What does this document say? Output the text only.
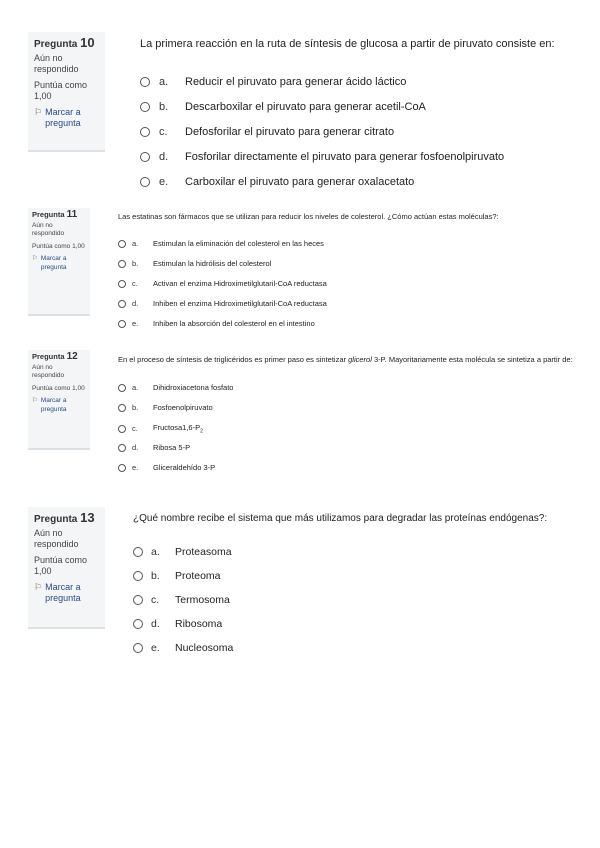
Pregunta 10
Aún no respondido
Puntúa como 1,00
⚐ Marcar a pregunta
La primera reacción en la ruta de síntesis de glucosa a partir de piruvato consiste en:
a.	Reducir el piruvato para generar ácido láctico
b.	Descarboxilar el piruvato para generar acetil-CoA
c.	Defosforilar el piruvato para generar citrato
d.	Fosforilar directamente el piruvato para generar fosfoenolpiruvato
e.	Carboxilar el piruvato para generar oxalacetato
Pregunta 11
Aún no respondido
Puntúa como 1,00
⚐ Marcar a pregunta
Las estatinas son fármacos que se utilizan para reducir los niveles de colesterol. ¿Cómo actúan estas moléculas?:
a.	Estimulan la eliminación del colesterol en las heces
b.	Estimulan la hidrólisis del colesterol
c.	Activan el enzima Hidroximetilglutaril-CoA reductasa
d.	Inhiben el enzima Hidroximetilglutaril-CoA reductasa
e.	Inhiben la absorción del colesterol en el intestino
Pregunta 12
Aún no respondido
Puntúa como 1,00
⚐ Marcar a pregunta
En el proceso de síntesis de triglicéridos es primer paso es sintetizar glicerol 3-P. Mayoritariamente esta molécula se sintetiza a partir de:
a.	Dihidroxiacetona fosfato
b.	Fosfoenolpiruvato
c.	$Fructosa1,6-P_2$
d.	Ribosa 5-P
e.	Gliceraldehído 3-P
Pregunta 13
Aún no respondido
Puntúa como 1,00
⚐ Marcar a pregunta
¿Qué nombre recibe el sistema que más utilizamos para degradar las proteínas endógenas?:
a.	Proteasoma
b.	Proteoma
c.	Termosoma
d.	Ribosoma
e.	Nucleosoma
